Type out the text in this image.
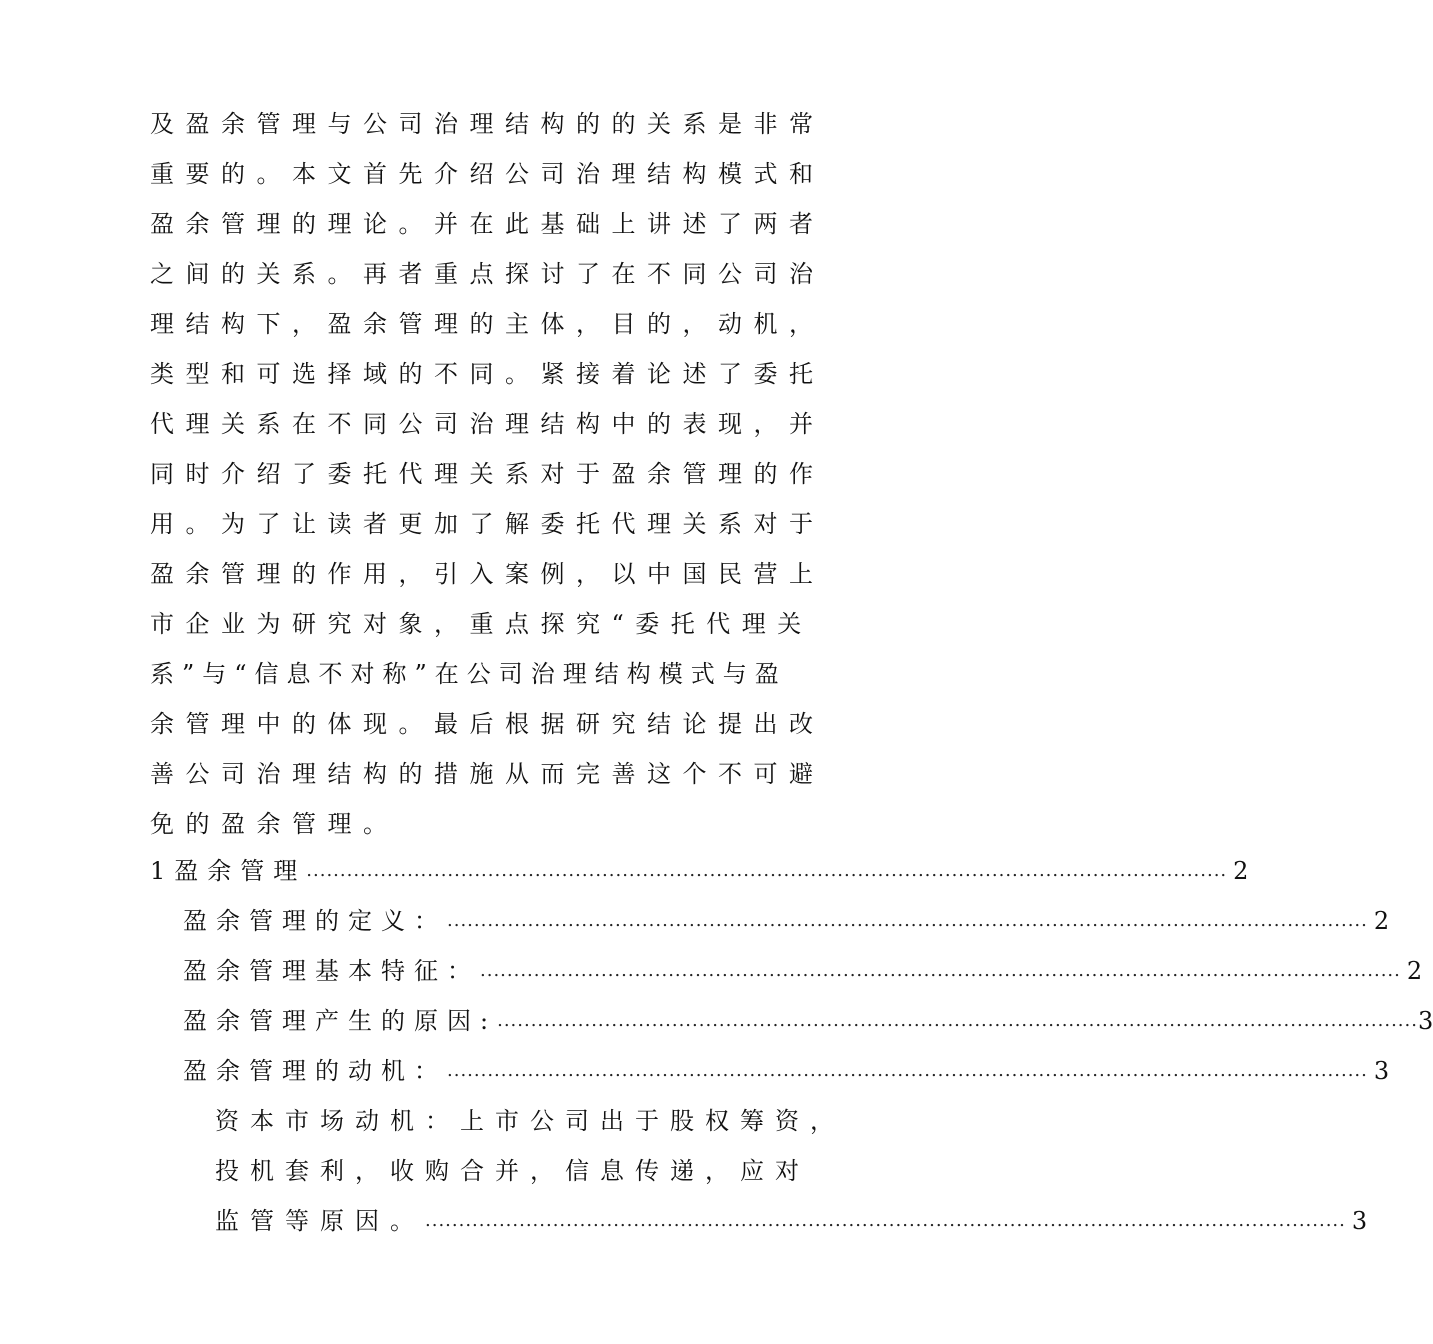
及盈余管理与公司治理结构的的关系是非常
重要的。本文首先介绍公司治理结构模式和
盈余管理的理论。并在此基础上讲述了两者
之间的关系。再者重点探讨了在不同公司治
理结构下，盈余管理的主体，目的，动机，
类型和可选择域的不同。紧接着论述了委托
代理关系在不同公司治理结构中的表现，并
同时介绍了委托代理关系对于盈余管理的作
用。为了让读者更加了解委托代理关系对于
盈余管理的作用，引入案例，以中国民营上
市企业为研究对象，重点探究“委托代理关
系”与“信息不对称”在公司治理结构模式与盈
余管理中的体现。最后根据研究结论提出改
善公司治理结构的措施从而完善这个不可避
免的盈余管理。
1盈余管理 ......................................................................................................................................... 2
盈余管理的定义： ......................................................................................................................................... 2
盈余管理基本特征： ......................................................................................................................................... 2
盈余管理产生的原因: ......................................................................................................................................... 3
盈余管理的动机： ......................................................................................................................................... 3
资本市场动机：上市公司出于股权筹资，
投机套利，收购合并，信息传递，应对
监管等原因。 ......................................................................................................................................... 3
